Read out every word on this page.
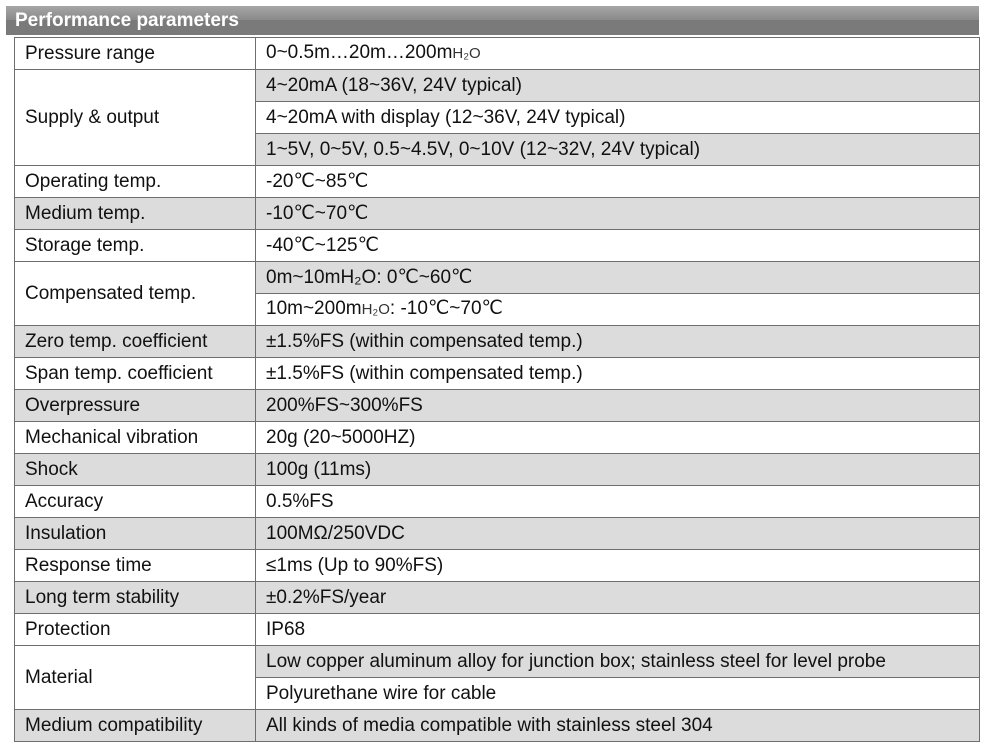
Performance parameters
Pressure range	0~0.5m…20m…200mH₂O
Supply & output	4~20mA (18~36V, 24V typical)
	4~20mA with display (12~36V, 24V typical)
	1~5V, 0~5V, 0.5~4.5V, 0~10V (12~32V, 24V typical)
Operating temp.	-20℃~85℃
Medium temp.	-10℃~70℃
Storage temp.	-40℃~125℃
Compensated temp.	0m~10mH₂O: 0℃~60℃
	10m~200mH₂O: -10℃~70℃
Zero temp. coefficient	±1.5%FS (within compensated temp.)
Span temp. coefficient	±1.5%FS (within compensated temp.)
Overpressure	200%FS~300%FS
Mechanical vibration	20g (20~5000HZ)
Shock	100g (11ms)
Accuracy	0.5%FS
Insulation	100MΩ/250VDC
Response time	≤1ms (Up to 90%FS)
Long term stability	±0.2%FS/year
Protection	IP68
Material	Low copper aluminum alloy for junction box; stainless steel for level probe
	Polyurethane wire for cable
Medium compatibility	All kinds of media compatible with stainless steel 304
